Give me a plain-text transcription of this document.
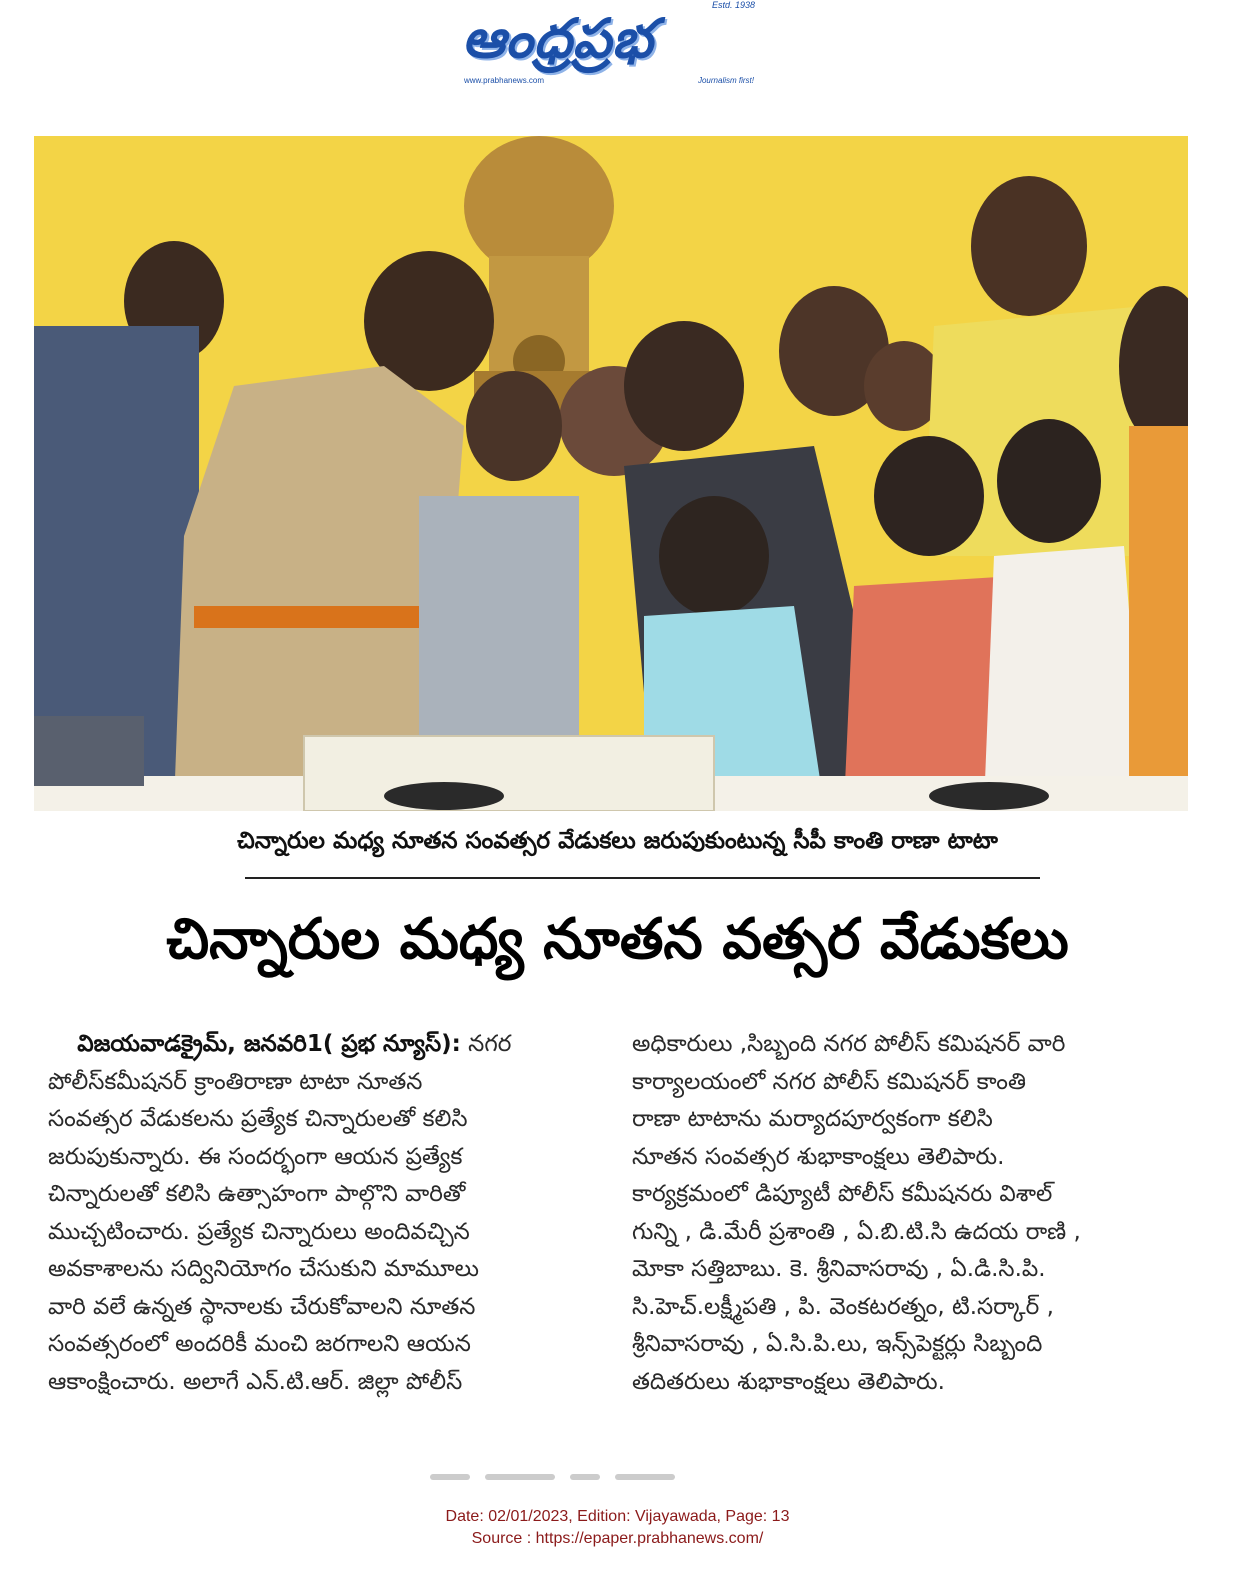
ఆంధ్రప్రభ
Estd. 1938
www.prabhanews.com	Journalism first!
చిన్నారుల మధ్య నూతన సంవత్సర వేడుకలు జరుపుకుంటున్న సీపీ కాంతి రాణా టాటా
చిన్నారుల మధ్య నూతన వత్సర వేడుకలు

విజయవాడక్రైమ్, జనవరి1( ప్రభ న్యూస్): నగర

పోలీస్‌కమీషనర్ క్రాంతిరాణా టాటా నూతన

సంవత్సర వేడుకలను ప్రత్యేక చిన్నారులతో కలిసి

జరుపుకున్నారు. ఈ సందర్భంగా ఆయన ప్రత్యేక

చిన్నారులతో కలిసి ఉత్సాహంగా పాల్గొని వారితో

ముచ్చటించారు. ప్రత్యేక చిన్నారులు అందివచ్చిన

అవకాశాలను సద్వినియోగం చేసుకుని మామూలు

వారి వలే ఉన్నత స్థానాలకు చేరుకోవాలని నూతన

సంవత్సరంలో అందరికీ మంచి జరగాలని ఆయన

ఆకాంక్షించారు. అలాగే ఎన్.టి.ఆర్. జిల్లా పోలీస్

అధికారులు ,సిబ్బంది నగర పోలీస్ కమిషనర్ వారి

కార్యాలయంలో నగర పోలీస్ కమిషనర్ కాంతి

రాణా టాటాను మర్యాదపూర్వకంగా కలిసి

నూతన సంవత్సర శుభాకాంక్షలు తెలిపారు.

కార్యక్రమంలో డిప్యూటీ పోలీస్ కమీషనరు విశాల్

గున్ని , డి.మేరీ ప్రశాంతి , ఏ.బి.టి.సి ఉదయ రాణి ,

మోకా సత్తిబాబు. కె. శ్రీనివాసరావు , ఏ.డి.సి.పి.

సి.హెచ్.లక్ష్మీపతి , పి. వెంకటరత్నం, టి.సర్కార్ ,

శ్రీనివాసరావు , ఏ.సి.పి.లు, ఇన్స్‌పెక్టర్లు సిబ్బంది

తదితరులు శుభాకాంక్షలు తెలిపారు.

Date: 02/01/2023, Edition: Vijayawada, Page: 13
Source : https://epaper.prabhanews.com/
